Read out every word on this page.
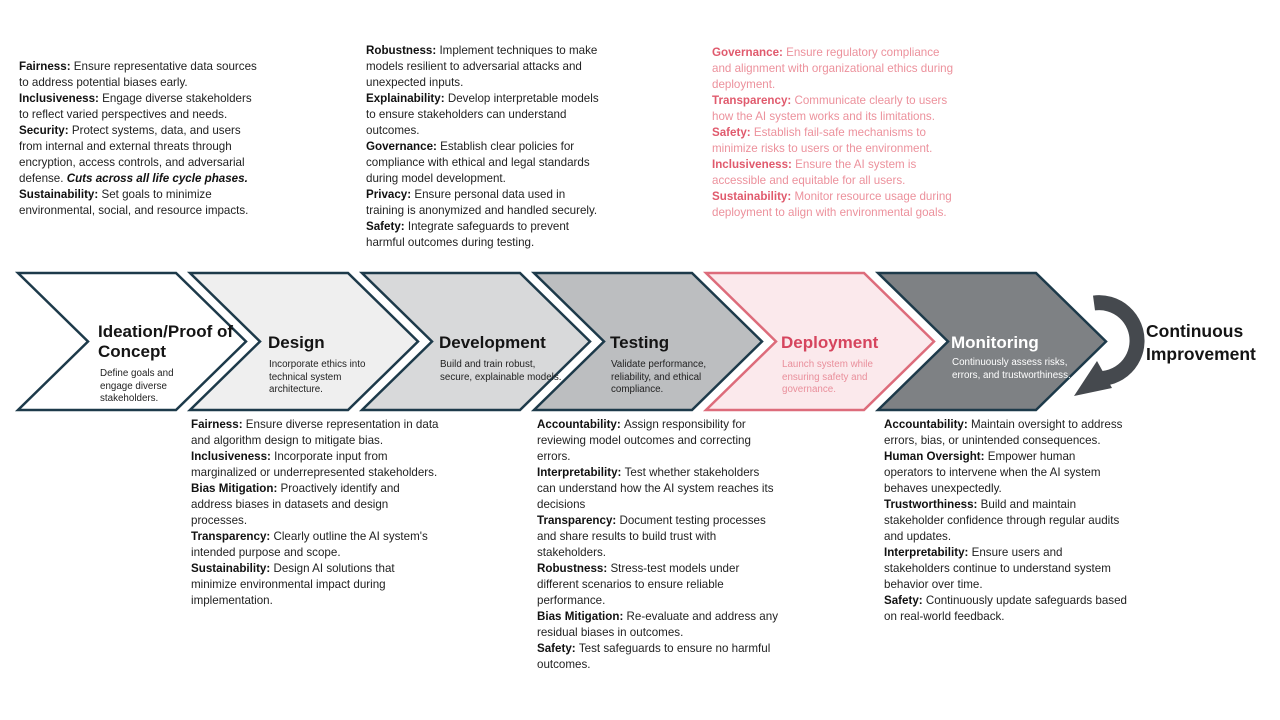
Ideation/Proof of Concept
Define goals and engage diverse stakeholders.
Design
Incorporate ethics into technical system architecture.
Development
Build and train robust, secure, explainable models.
Testing
Validate performance, reliability, and ethical compliance.
Deployment
Launch system while ensuring safety and governance.
Monitoring
Continuously assess risks, errors, and trustworthiness.

Fairness: Ensure representative data sources to address potential biases early.

Inclusiveness: Engage diverse stakeholders to reflect varied perspectives and needs.

Security: Protect systems, data, and users from internal and external threats through encryption, access controls, and adversarial defense. Cuts across all life cycle phases.

Sustainability: Set goals to minimize environmental, social, and resource impacts.

Robustness: Implement techniques to make models resilient to adversarial attacks and unexpected inputs.

Explainability: Develop interpretable models to ensure stakeholders can understand outcomes.

Governance: Establish clear policies for compliance with ethical and legal standards during model development.

Privacy: Ensure personal data used in training is anonymized and handled securely.

Safety: Integrate safeguards to prevent harmful outcomes during testing.

Governance: Ensure regulatory compliance and alignment with organizational ethics during deployment.

Transparency: Communicate clearly to users how the AI system works and its limitations.

Safety: Establish fail-safe mechanisms to minimize risks to users or the environment.

Inclusiveness: Ensure the AI system is accessible and equitable for all users.

Sustainability: Monitor resource usage during deployment to align with environmental goals.

Fairness: Ensure diverse representation in data and algorithm design to mitigate bias.

Inclusiveness: Incorporate input from marginalized or underrepresented stakeholders.

Bias Mitigation: Proactively identify and address biases in datasets and design processes.

Transparency: Clearly outline the AI system's intended purpose and scope.

Sustainability: Design AI solutions that minimize environmental impact during implementation.

Accountability: Assign responsibility for reviewing model outcomes and correcting errors.

Interpretability: Test whether stakeholders can understand how the AI system reaches its decisions

Transparency: Document testing processes and share results to build trust with stakeholders.

Robustness: Stress-test models under different scenarios to ensure reliable performance.

Bias Mitigation: Re-evaluate and address any residual biases in outcomes.

Safety: Test safeguards to ensure no harmful outcomes.

Accountability: Maintain oversight to address errors, bias, or unintended consequences.

Human Oversight: Empower human operators to intervene when the AI system behaves unexpectedly.

Trustworthiness: Build and maintain stakeholder confidence through regular audits and updates.

Interpretability: Ensure users and stakeholders continue to understand system behavior over time.

Safety: Continuously update safeguards based on real-world feedback.

Continuous Improvement
